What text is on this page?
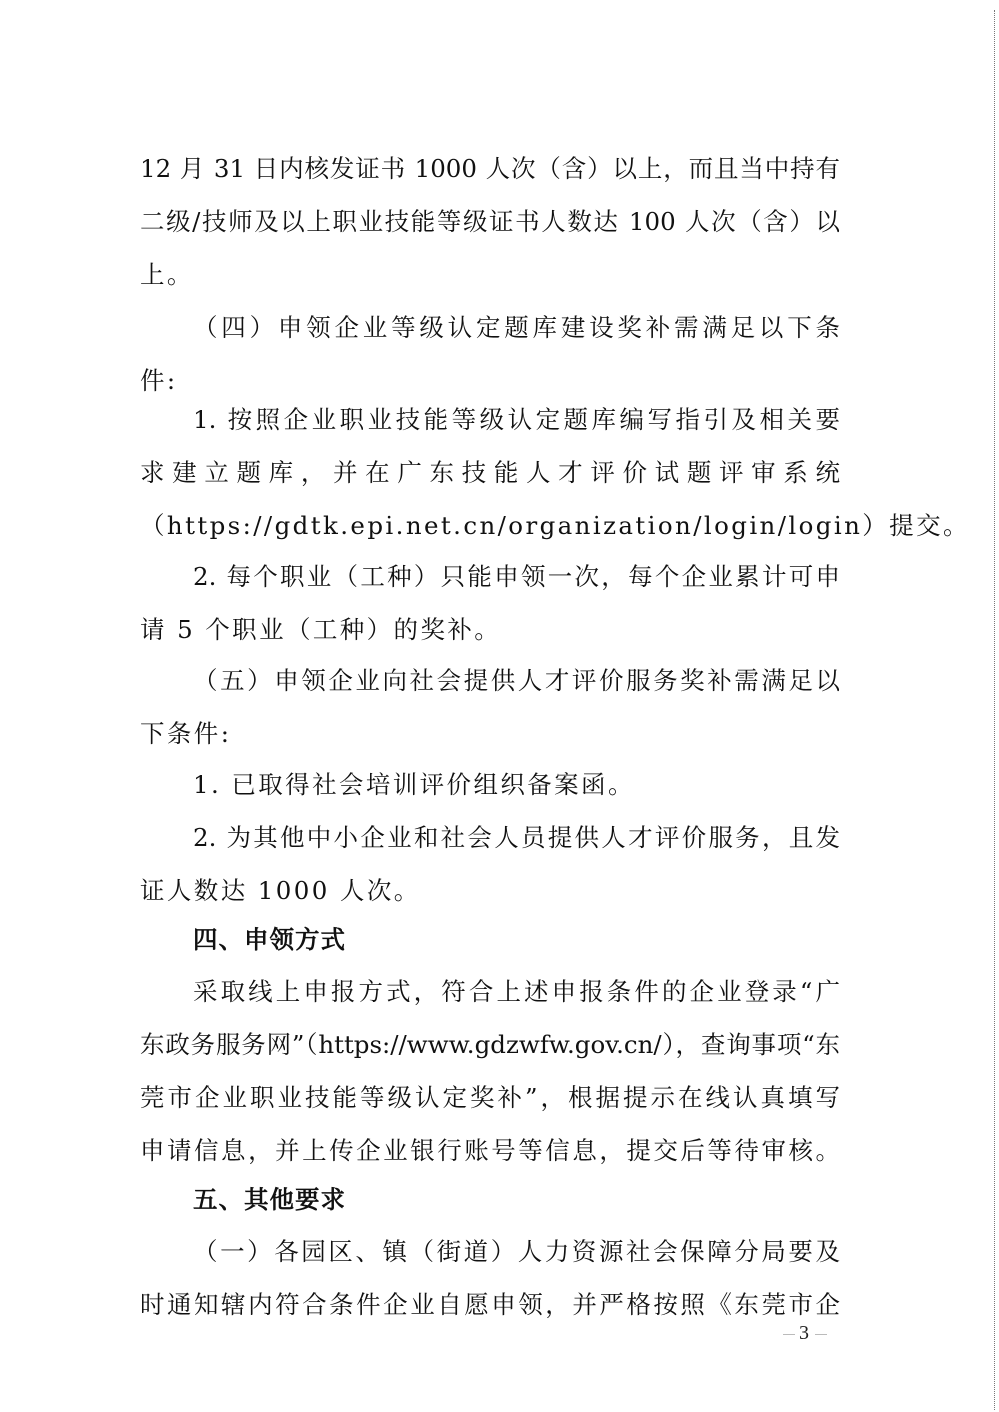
12 月 31 日内核发证书 1000 人次（含）以上，而且当中持有
二级/技师及以上职业技能等级证书人数达 100 人次（含）以
上。
（四）申领企业等级认定题库建设奖补需满足以下条
件:
1. 按照企业职业技能等级认定题库编写指引及相关要
求建立题库，并在广东技能人才评价试题评审系统
（https://gdtk.epi.net.cn/organization/login/login）提交。
2. 每个职业（工种）只能申领一次，每个企业累计可申
请 5 个职业（工种）的奖补。
（五）申领企业向社会提供人才评价服务奖补需满足以
下条件:
1. 已取得社会培训评价组织备案函。
2. 为其他中小企业和社会人员提供人才评价服务，且发
证人数达 1000 人次。
四、申领方式
采取线上申报方式，符合上述申报条件的企业登录“广
东政务服务网”（https://www.gdzwfw.gov.cn/），查询事项“东
莞市企业职业技能等级认定奖补”，根据提示在线认真填写
申请信息，并上传企业银行账号等信息，提交后等待审核。
五、其他要求
（一）各园区、镇（街道）人力资源社会保障分局要及
时通知辖内符合条件企业自愿申领，并严格按照《东莞市企
3
